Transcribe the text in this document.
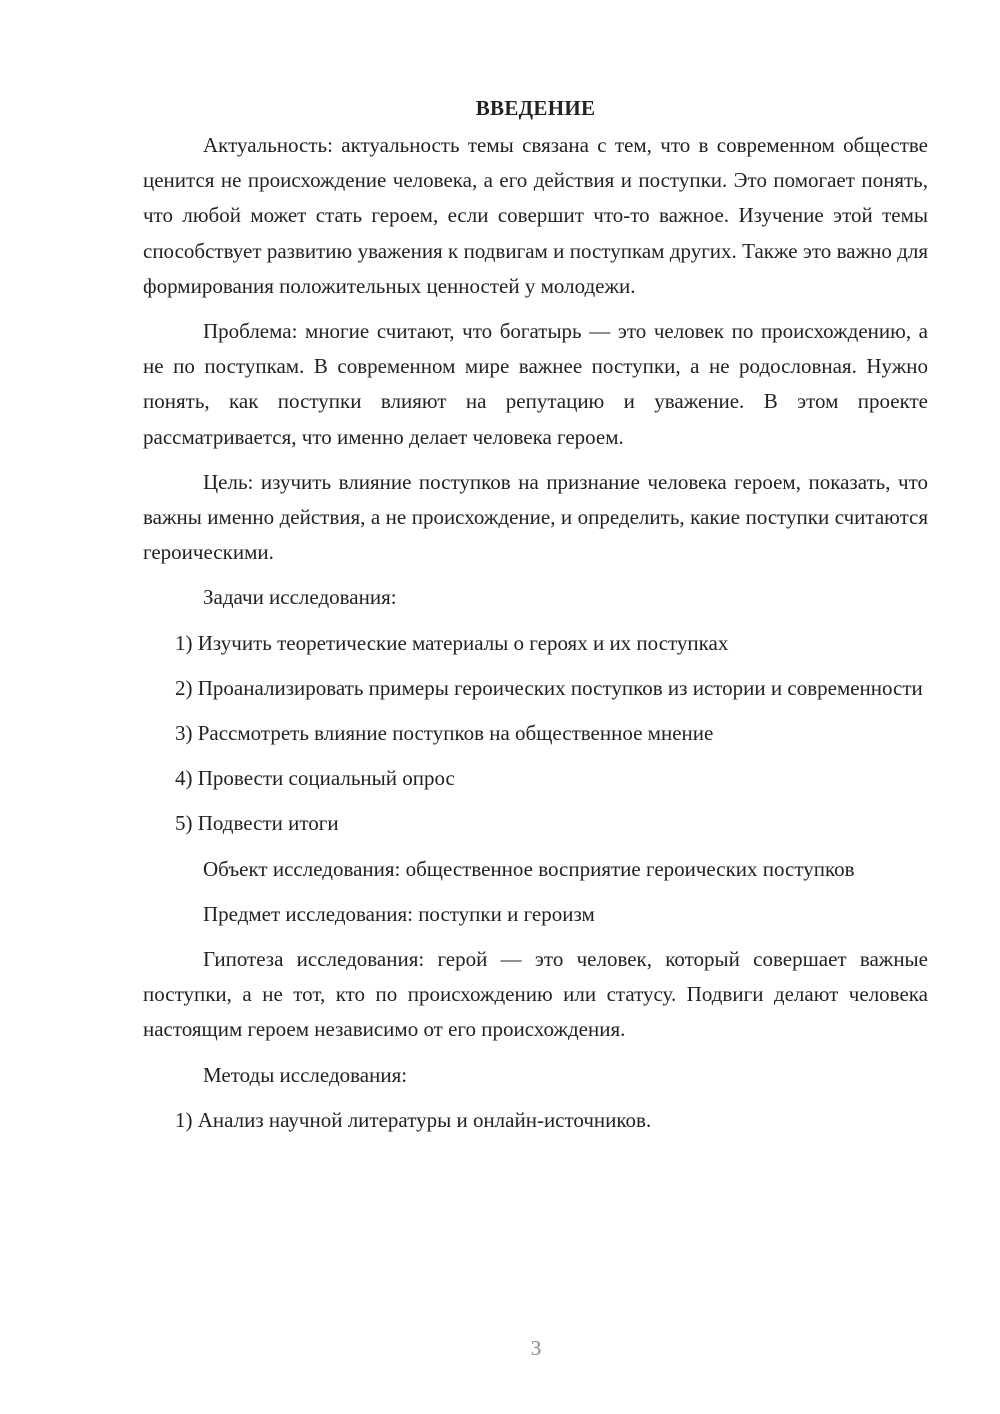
ВВЕДЕНИЕ

Актуальность: актуальность темы связана с тем, что в современном обществе ценится не происхождение человека, а его действия и поступки. Это помогает понять, что любой может стать героем, если совершит что-то важное. Изучение этой темы способствует развитию уважения к подвигам и поступкам других. Также это важно для формирования положительных ценностей у молодежи.

Проблема: многие считают, что богатырь — это человек по происхождению, а не по поступкам. В современном мире важнее поступки, а не родословная. Нужно понять, как поступки влияют на репутацию и уважение. В этом проекте рассматривается, что именно делает человека героем.

Цель: изучить влияние поступков на признание человека героем, показать, что важны именно действия, а не происхождение, и определить, какие поступки считаются героическими.

Задачи исследования:

1) Изучить теоретические материалы о героях и их поступках

2) Проанализировать примеры героических поступков из истории и современности

3) Рассмотреть влияние поступков на общественное мнение

4) Провести социальный опрос

5) Подвести итоги

Объект исследования: общественное восприятие героических поступков

Предмет исследования: поступки и героизм

Гипотеза исследования: герой — это человек, который совершает важные поступки, а не тот, кто по происхождению или статусу. Подвиги делают человека настоящим героем независимо от его происхождения.

Методы исследования:

1) Анализ научной литературы и онлайн-источников.

3
